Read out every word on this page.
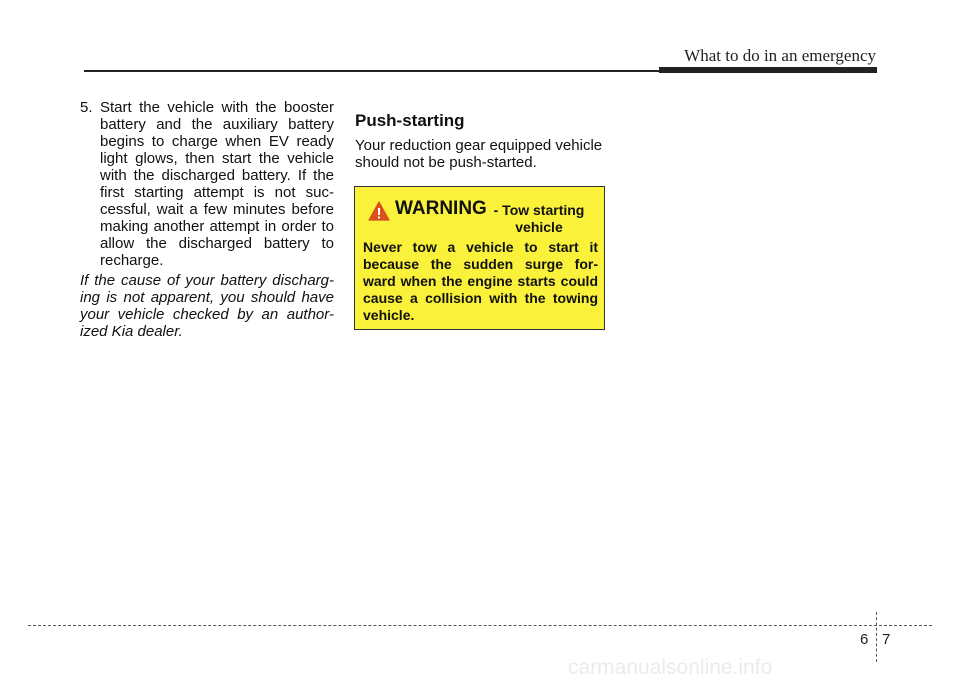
What to do in an emergency

5. Start the vehicle with the booster battery and the auxiliary battery begins to charge when EV ready light glows, then start the vehicle with the discharged battery. If the first starting attempt is not suc-cessful, wait a few minutes before making another attempt in order to allow the discharged battery to recharge.

If the cause of your battery discharg-ing is not apparent, you should have your vehicle checked by an author-ized Kia dealer.

Push-starting

Your reduction gear equipped vehicle should not be push-started.

WARNING - Tow starting vehicle

Never tow a vehicle to start it because the sudden surge for-ward when the engine starts could cause a collision with the towing vehicle.

6 7
carmanualsonline.info
